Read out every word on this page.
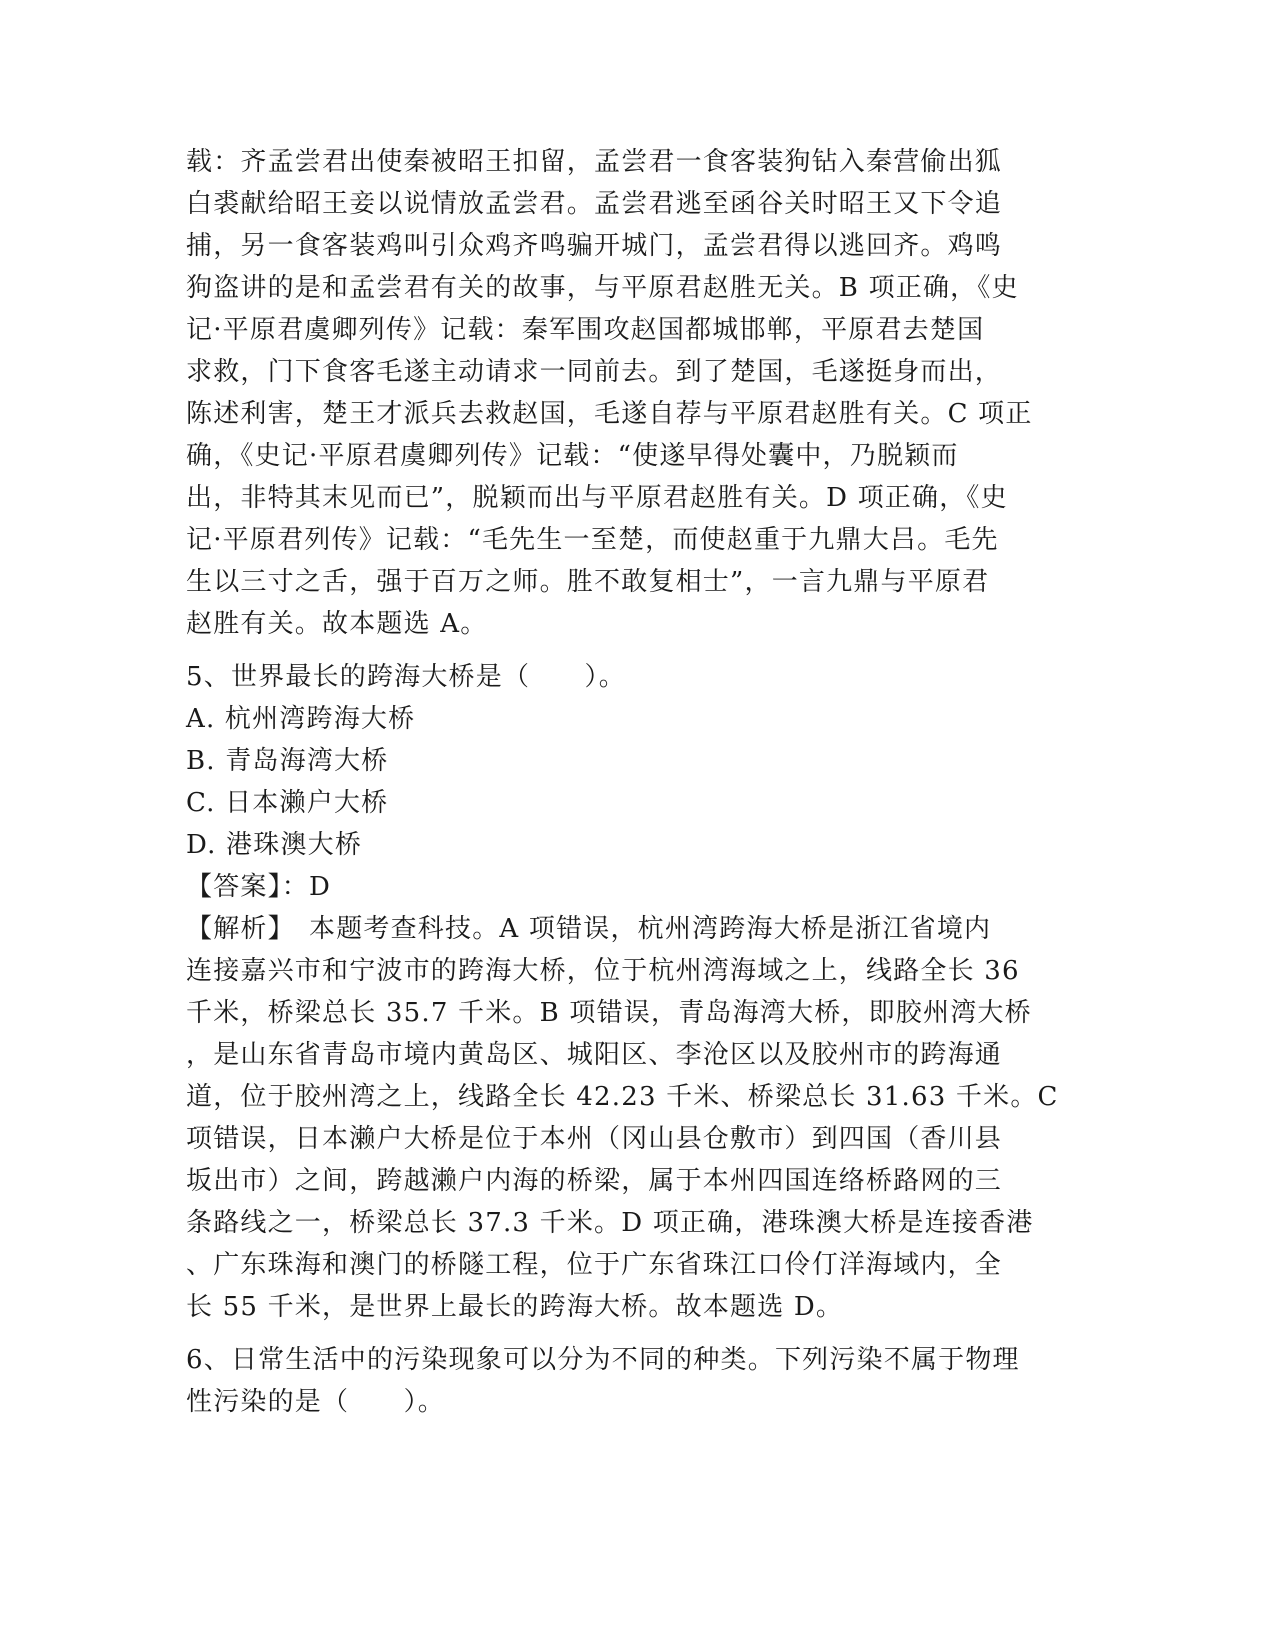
载：齐孟尝君出使秦被昭王扣留，孟尝君一食客装狗钻入秦营偷出狐
白裘献给昭王妾以说情放孟尝君。孟尝君逃至函谷关时昭王又下令追
捕，另一食客装鸡叫引众鸡齐鸣骗开城门，孟尝君得以逃回齐。鸡鸣
狗盗讲的是和孟尝君有关的故事，与平原君赵胜无关。B 项正确，《史
记·平原君虞卿列传》记载：秦军围攻赵国都城邯郸，平原君去楚国
求救，门下食客毛遂主动请求一同前去。到了楚国，毛遂挺身而出，
陈述利害，楚王才派兵去救赵国，毛遂自荐与平原君赵胜有关。C 项正
确，《史记·平原君虞卿列传》记载：“使遂早得处囊中，乃脱颖而
出，非特其末见而已”，脱颖而出与平原君赵胜有关。D 项正确，《史
记·平原君列传》记载：“毛先生一至楚，而使赵重于九鼎大吕。毛先
生以三寸之舌，强于百万之师。胜不敢复相士”，一言九鼎与平原君
赵胜有关。故本题选 A。
5、世界最长的跨海大桥是（　　）。
A. 杭州湾跨海大桥
B. 青岛海湾大桥
C. 日本濑户大桥
D. 港珠澳大桥
【答案】：D
【解析】　本题考查科技。A 项错误，杭州湾跨海大桥是浙江省境内
连接嘉兴市和宁波市的跨海大桥，位于杭州湾海域之上，线路全长 36
千米，桥梁总长 35.7 千米。B 项错误，青岛海湾大桥，即胶州湾大桥
，是山东省青岛市境内黄岛区、城阳区、李沧区以及胶州市的跨海通
道，位于胶州湾之上，线路全长 42.23 千米、桥梁总长 31.63 千米。C
项错误，日本濑户大桥是位于本州（冈山县仓敷市）到四国（香川县
坂出市）之间，跨越濑户内海的桥梁，属于本州四国连络桥路网的三
条路线之一，桥梁总长 37.3 千米。D 项正确，港珠澳大桥是连接香港
、广东珠海和澳门的桥隧工程，位于广东省珠江口伶仃洋海域内，全
长 55 千米，是世界上最长的跨海大桥。故本题选 D。
6、日常生活中的污染现象可以分为不同的种类。下列污染不属于物理
性污染的是（　　）。
